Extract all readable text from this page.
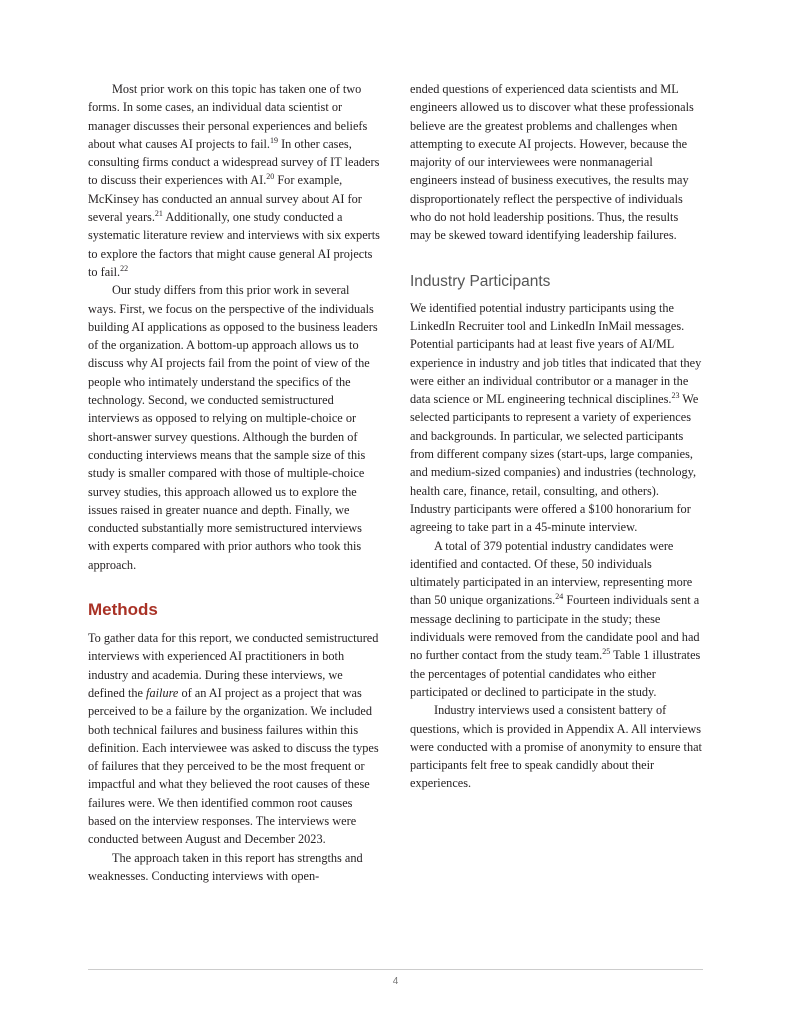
Most prior work on this topic has taken one of two forms. In some cases, an individual data scientist or manager discusses their personal experiences and beliefs about what causes AI projects to fail.$^{19}$ In other cases, consulting firms conduct a widespread survey of IT leaders to discuss their experiences with AI.$^{20}$ For example, McKinsey has conducted an annual survey about AI for several years.$^{21}$ Additionally, one study conducted a systematic literature review and interviews with six experts to explore the factors that might cause general AI projects to fail.$^{22}$

Our study differs from this prior work in several ways. First, we focus on the perspective of the individuals building AI applications as opposed to the business leaders of the organization. A bottom-up approach allows us to discuss why AI projects fail from the point of view of the people who intimately understand the specifics of the technology. Second, we conducted semistructured interviews as opposed to relying on multiple-choice or short-answer survey questions. Although the burden of conducting interviews means that the sample size of this study is smaller compared with those of multiple-choice survey studies, this approach allowed us to explore the issues raised in greater nuance and depth. Finally, we conducted substantially more semistructured interviews with experts compared with prior authors who took this approach.

Methods

To gather data for this report, we conducted semistructured interviews with experienced AI practitioners in both industry and academia. During these interviews, we defined the failure of an AI project as a project that was perceived to be a failure by the organization. We included both technical failures and business failures within this definition. Each interviewee was asked to discuss the types of failures that they perceived to be the most frequent or impactful and what they believed the root causes of these failures were. We then identified common root causes based on the interview responses. The interviews were conducted between August and December 2023.

The approach taken in this report has strengths and weaknesses. Conducting interviews with open-

ended questions of experienced data scientists and ML engineers allowed us to discover what these professionals believe are the greatest problems and challenges when attempting to execute AI projects. However, because the majority of our interviewees were nonmanagerial engineers instead of business executives, the results may disproportionately reflect the perspective of individuals who do not hold leadership positions. Thus, the results may be skewed toward identifying leadership failures.

Industry Participants

We identified potential industry participants using the LinkedIn Recruiter tool and LinkedIn InMail messages. Potential participants had at least five years of AI/ML experience in industry and job titles that indicated that they were either an individual contributor or a manager in the data science or ML engineering technical disciplines.$^{23}$ We selected participants to represent a variety of experiences and backgrounds. In particular, we selected participants from different company sizes (start-ups, large companies, and medium-sized companies) and industries (technology, health care, finance, retail, consulting, and others). Industry participants were offered a $100 honorarium for agreeing to take part in a 45-minute interview.

A total of 379 potential industry candidates were identified and contacted. Of these, 50 individuals ultimately participated in an interview, representing more than 50 unique organizations.$^{24}$ Fourteen individuals sent a message declining to participate in the study; these individuals were removed from the candidate pool and had no further contact from the study team.$^{25}$ Table 1 illustrates the percentages of potential candidates who either participated or declined to participate in the study.

Industry interviews used a consistent battery of questions, which is provided in Appendix A. All interviews were conducted with a promise of anonymity to ensure that participants felt free to speak candidly about their experiences.

4
